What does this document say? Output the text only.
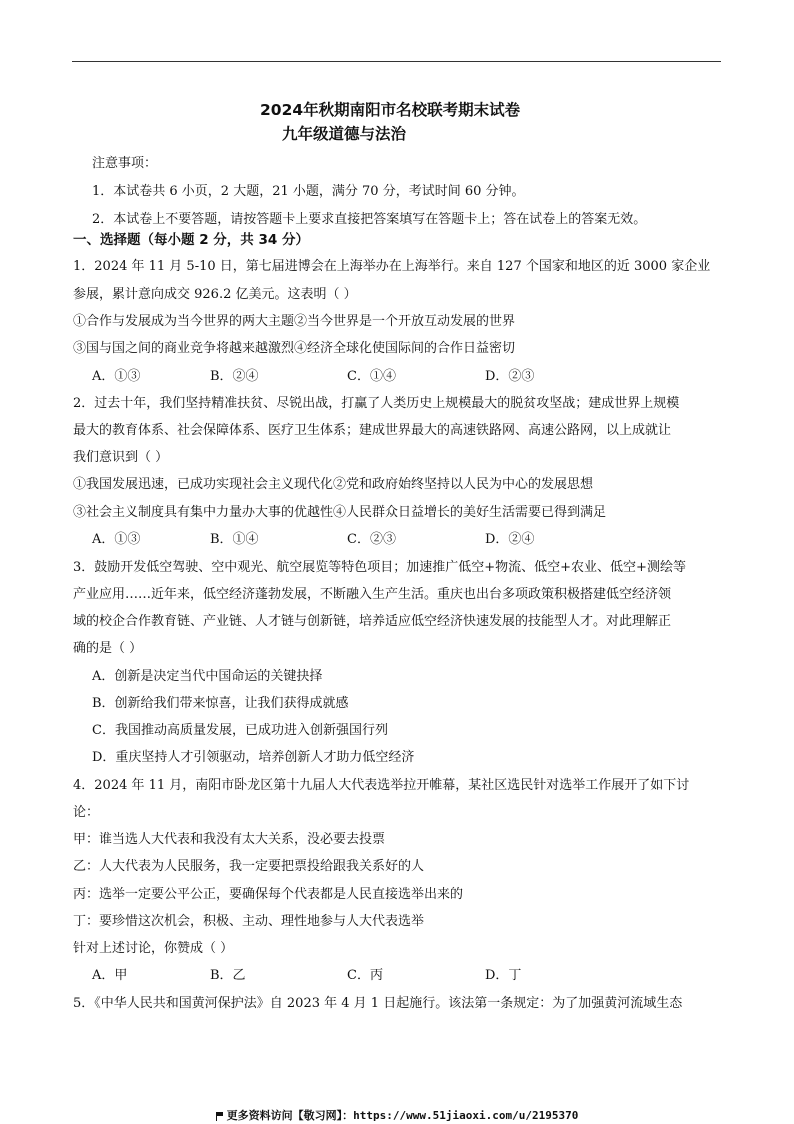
2024年秋期南阳市名校联考期末试卷
九年级道德与法治
注意事项：
1．本试卷共 6 小页，2 大题，21 小题，满分 70 分，考试时间 60 分钟。
2．本试卷上不要答题，请按答题卡上要求直接把答案填写在答题卡上；答在试卷上的答案无效。
一、选择题（每小题 2 分，共 34 分）
1．2024 年 11 月 5-10 日，第七届进博会在上海举办在上海举行。来自 127 个国家和地区的近 3000 家企业
参展，累计意向成交 926.2 亿美元。这表明（ ）
①合作与发展成为当今世界的两大主题②当今世界是一个开放互动发展的世界
③国与国之间的商业竞争将越来越激烈④经济全球化使国际间的合作日益密切
A．①③	B．②④	C．①④	D．②③
2．过去十年，我们坚持精准扶贫、尽锐出战，打赢了人类历史上规模最大的脱贫攻坚战；建成世界上规模
最大的教育体系、社会保障体系、医疗卫生体系；建成世界最大的高速铁路网、高速公路网，以上成就让
我们意识到（ ）
①我国发展迅速，已成功实现社会主义现代化②党和政府始终坚持以人民为中心的发展思想
③社会主义制度具有集中力量办大事的优越性④人民群众日益增长的美好生活需要已得到满足
A．①③	B．①④	C．②③	D．②④
3．鼓励开发低空驾驶、空中观光、航空展览等特色项目；加速推广低空+物流、低空+农业、低空+测绘等
产业应用……近年来，低空经济蓬勃发展，不断融入生产生活。重庆也出台多项政策积极搭建低空经济领
域的校企合作教育链、产业链、人才链与创新链，培养适应低空经济快速发展的技能型人才。对此理解正
确的是（ ）
A．创新是决定当代中国命运的关键抉择
B．创新给我们带来惊喜，让我们获得成就感
C．我国推动高质量发展，已成功进入创新强国行列
D．重庆坚持人才引领驱动，培养创新人才助力低空经济
4．2024 年 11 月，南阳市卧龙区第十九届人大代表选举拉开帷幕，某社区选民针对选举工作展开了如下讨
论：
甲：谁当选人大代表和我没有太大关系，没必要去投票
乙：人大代表为人民服务，我一定要把票投给跟我关系好的人
丙：选举一定要公平公正，要确保每个代表都是人民直接选举出来的
丁：要珍惜这次机会，积极、主动、理性地参与人大代表选举
针对上述讨论，你赞成（ ）
A．甲	B．乙	C．丙	D．丁
5．《中华人民共和国黄河保护法》自 2023 年 4 月 1 日起施行。该法第一条规定：为了加强黄河流域生态
更多资料访问【敬习网】：https://www.51jiaoxi.com/u/2195370
